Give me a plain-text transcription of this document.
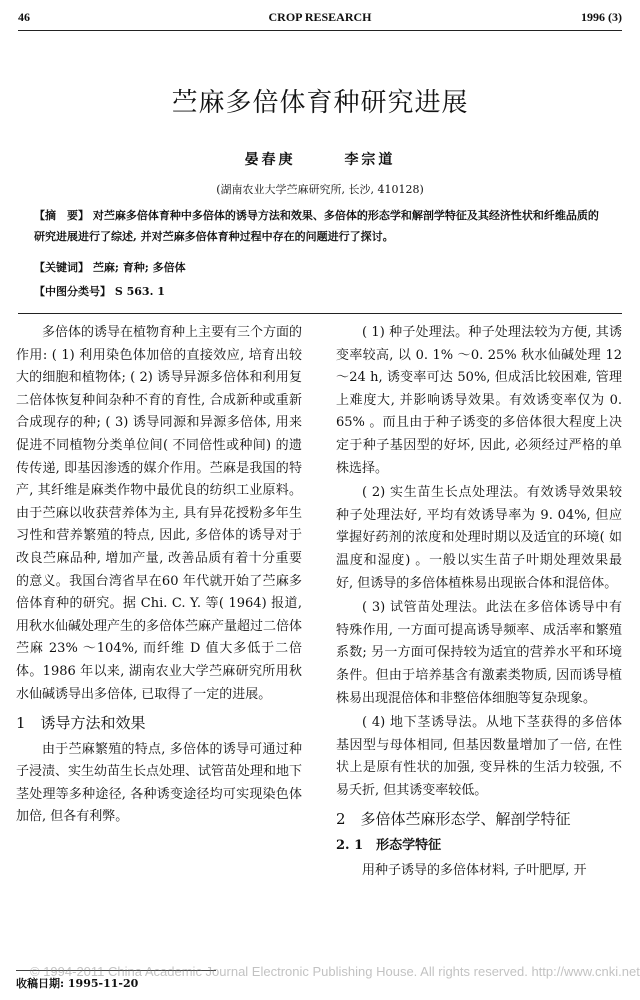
46	CROP RESEARCH	1996 (3)
苎麻多倍体育种研究进展
晏春庚	李宗道
(湖南农业大学苎麻研究所, 长沙, 410128)
【摘　要】 对苎麻多倍体育种中多倍体的诱导方法和效果、多倍体的形态学和解剖学特征及其经济性状和纤维品质的研究进展进行了综述, 并对苎麻多倍体育种过程中存在的问题进行了探讨。
【关键词】 苎麻; 育种; 多倍体
【中图分类号】 S 563. 1

多倍体的诱导在植物育种上主要有三个方面的作用: ( 1) 利用染色体加倍的直接效应, 培育出较大的细胞和植物体; ( 2) 诱导异源多倍体和利用复二倍体恢复种间杂种不育的育性, 合成新种或重新合成现存的种; ( 3) 诱导同源和异源多倍体, 用来促进不同植物分类单位间( 不同倍性或种间) 的遗传传递, 即基因渗透的媒介作用。苎麻是我国的特产, 其纤维是麻类作物中最优良的纺织工业原料。由于苎麻以收获营养体为主, 具有异花授粉多年生习性和营养繁殖的特点, 因此, 多倍体的诱导对于改良苎麻品种, 增加产量, 改善品质有着十分重要的意义。我国台湾省早在60 年代就开始了苎麻多倍体育种的研究。据 Chi. C. Y. 等( 1964) 报道, 用秋水仙碱处理产生的多倍体苎麻产量超过二倍体苎麻 23% ～104%, 而纤维 D 值大多低于二倍体。1986 年以来, 湖南农业大学苎麻研究所用秋水仙碱诱导出多倍体, 已取得了一定的进展。

1　诱导方法和效果

由于苎麻繁殖的特点, 多倍体的诱导可通过种子浸渍、实生幼苗生长点处理、试管苗处理和地下茎处理等多种途径, 各种诱变途径均可实现染色体加倍, 但各有利弊。

( 1) 种子处理法。种子处理法较为方便, 其诱变率较高, 以 0. 1% ～0. 25% 秋水仙碱处理 12～24 h, 诱变率可达 50%, 但成活比较困难, 管理上难度大, 并影响诱导效果。有效诱变率仅为 0. 65% 。而且由于种子诱变的多倍体很大程度上决定于种子基因型的好坏, 因此, 必须经过严格的单株选择。

( 2) 实生苗生长点处理法。有效诱导效果较种子处理法好, 平均有效诱导率为 9. 04%, 但应掌握好药剂的浓度和处理时期以及适宜的环境( 如温度和湿度) 。一般以实生苗子叶期处理效果最好, 但诱导的多倍体植株易出现嵌合体和混倍体。

( 3) 试管苗处理法。此法在多倍体诱导中有特殊作用, 一方面可提高诱导频率、成活率和繁殖系数; 另一方面可保持较为适宜的营养水平和环境条件。但由于培养基含有激素类物质, 因而诱导植株易出现混倍体和非整倍体细胞等复杂现象。

( 4) 地下茎诱导法。从地下茎获得的多倍体基因型与母体相同, 但基因数量增加了一倍, 在性状上是原有性状的加强, 变异株的生活力较强, 不易夭折, 但其诱变率较低。

2　多倍体苎麻形态学、解剖学特征
2. 1　形态学特征

用种子诱导的多倍体材料, 子叶肥厚, 开

收稿日期: 1995-11-20
© 1994-2011 China Academic Journal Electronic Publishing House. All rights reserved. http://www.cnki.net
